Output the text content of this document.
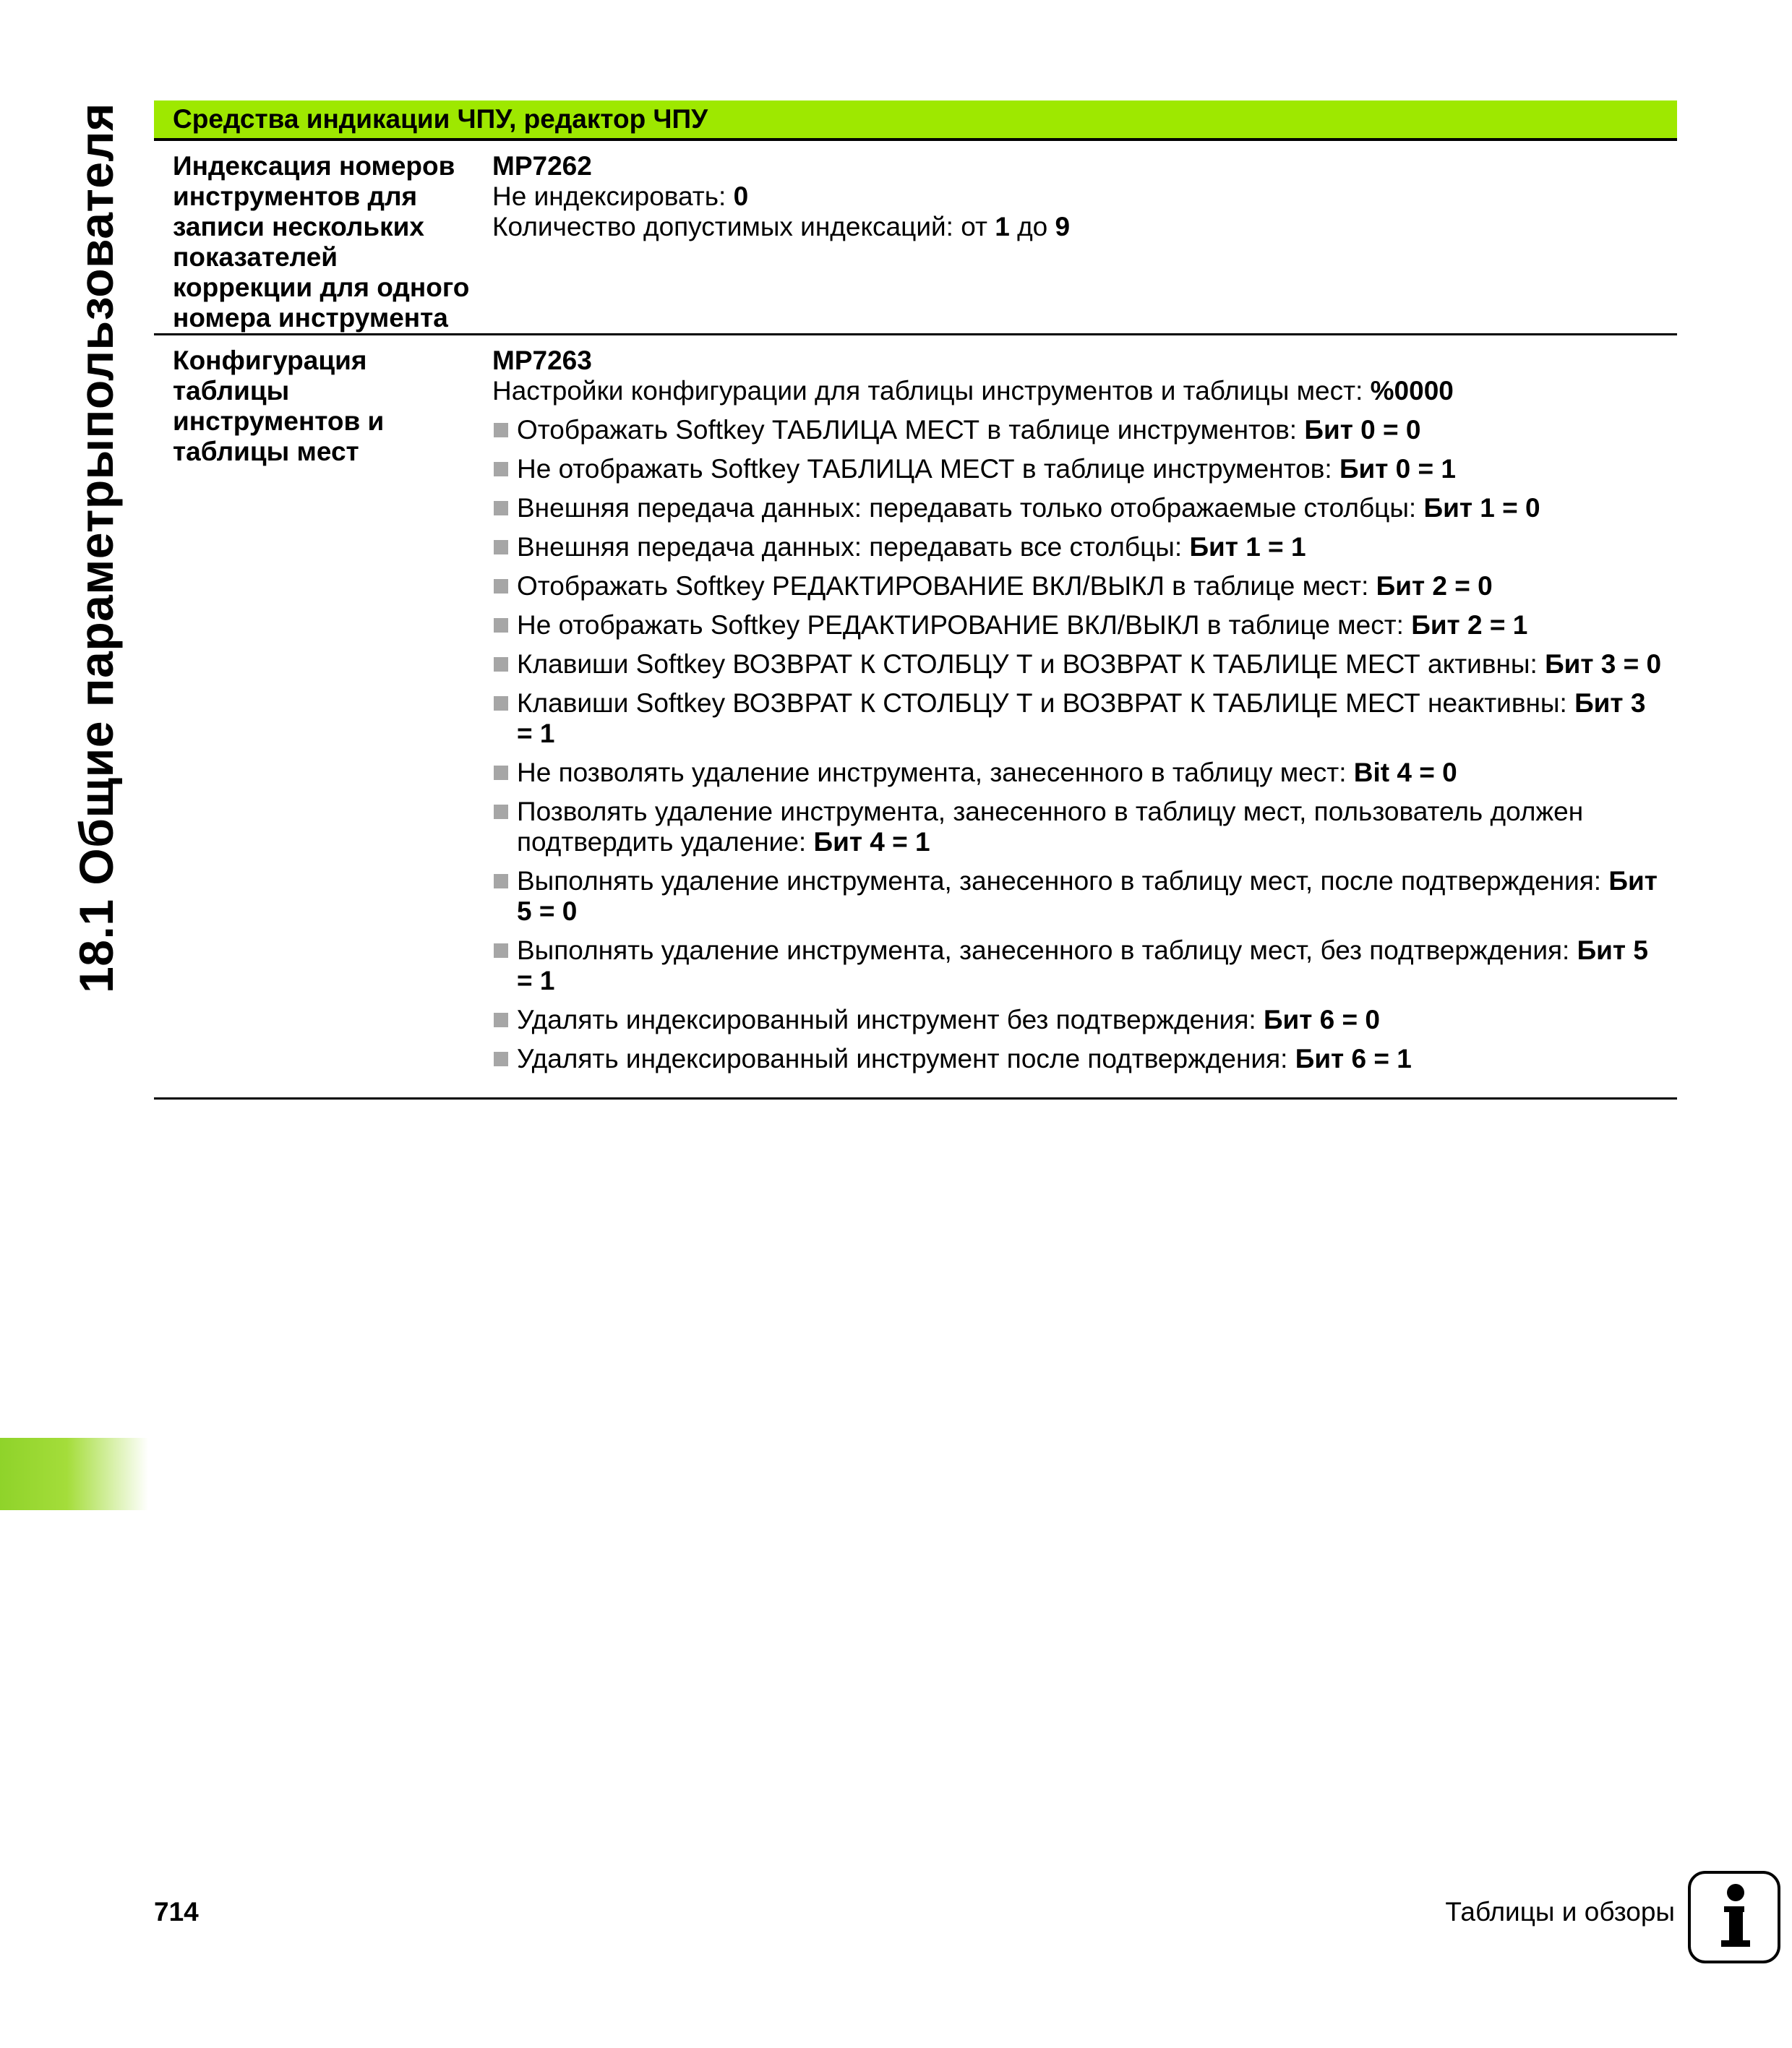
18.1 Общие параметрыпользователя	Средства индикации ЧПУ, редактор ЧПУ
Индексация номеров
инструментов для
записи нескольких
показателей
коррекции для одного
номера инструмента
MP7262
Не индексировать: 0
Количество допустимых индексаций: от 1 до 9
Конфигурация
таблицы
инструментов и
таблицы мест
MP7263
Настройки конфигурации для таблицы инструментов и таблицы мест: %0000
Отображать Softkey ТАБЛИЦА МЕСТ в таблице инструментов: Бит 0 = 0
Не отображать Softkey ТАБЛИЦА МЕСТ в таблице инструментов: Бит 0 = 1
Внешняя передача данных: передавать только отображаемые столбцы: Бит 1 = 0
Внешняя передача данных: передавать все столбцы: Бит 1 = 1
Отображать Softkey РЕДАКТИРОВАНИЕ ВКЛ/ВЫКЛ в таблице мест: Бит 2 = 0
Не отображать Softkey РЕДАКТИРОВАНИЕ ВКЛ/ВЫКЛ в таблице мест: Бит 2 = 1
Клавиши Softkey ВОЗВРАТ К СТОЛБЦУ Т и ВОЗВРАТ К ТАБЛИЦЕ МЕСТ активны: Бит 3 = 0
Клавиши Softkey ВОЗВРАТ К СТОЛБЦУ Т и ВОЗВРАТ К ТАБЛИЦЕ МЕСТ неактивны: Бит 3 = 1
Не позволять удаление инструмента, занесенного в таблицу мест: Bit 4 = 0
Позволять удаление инструмента, занесенного в таблицу мест, пользователь должен подтвердить удаление: Бит 4 = 1
Выполнять удаление инструмента, занесенного в таблицу мест, после подтверждения: Бит 5 = 0
Выполнять удаление инструмента, занесенного в таблицу мест, без подтверждения: Бит 5 = 1
Удалять индексированный инструмент без подтверждения: Бит 6 = 0
Удалять индексированный инструмент после подтверждения: Бит 6 = 1
714	Таблицы и обзоры
